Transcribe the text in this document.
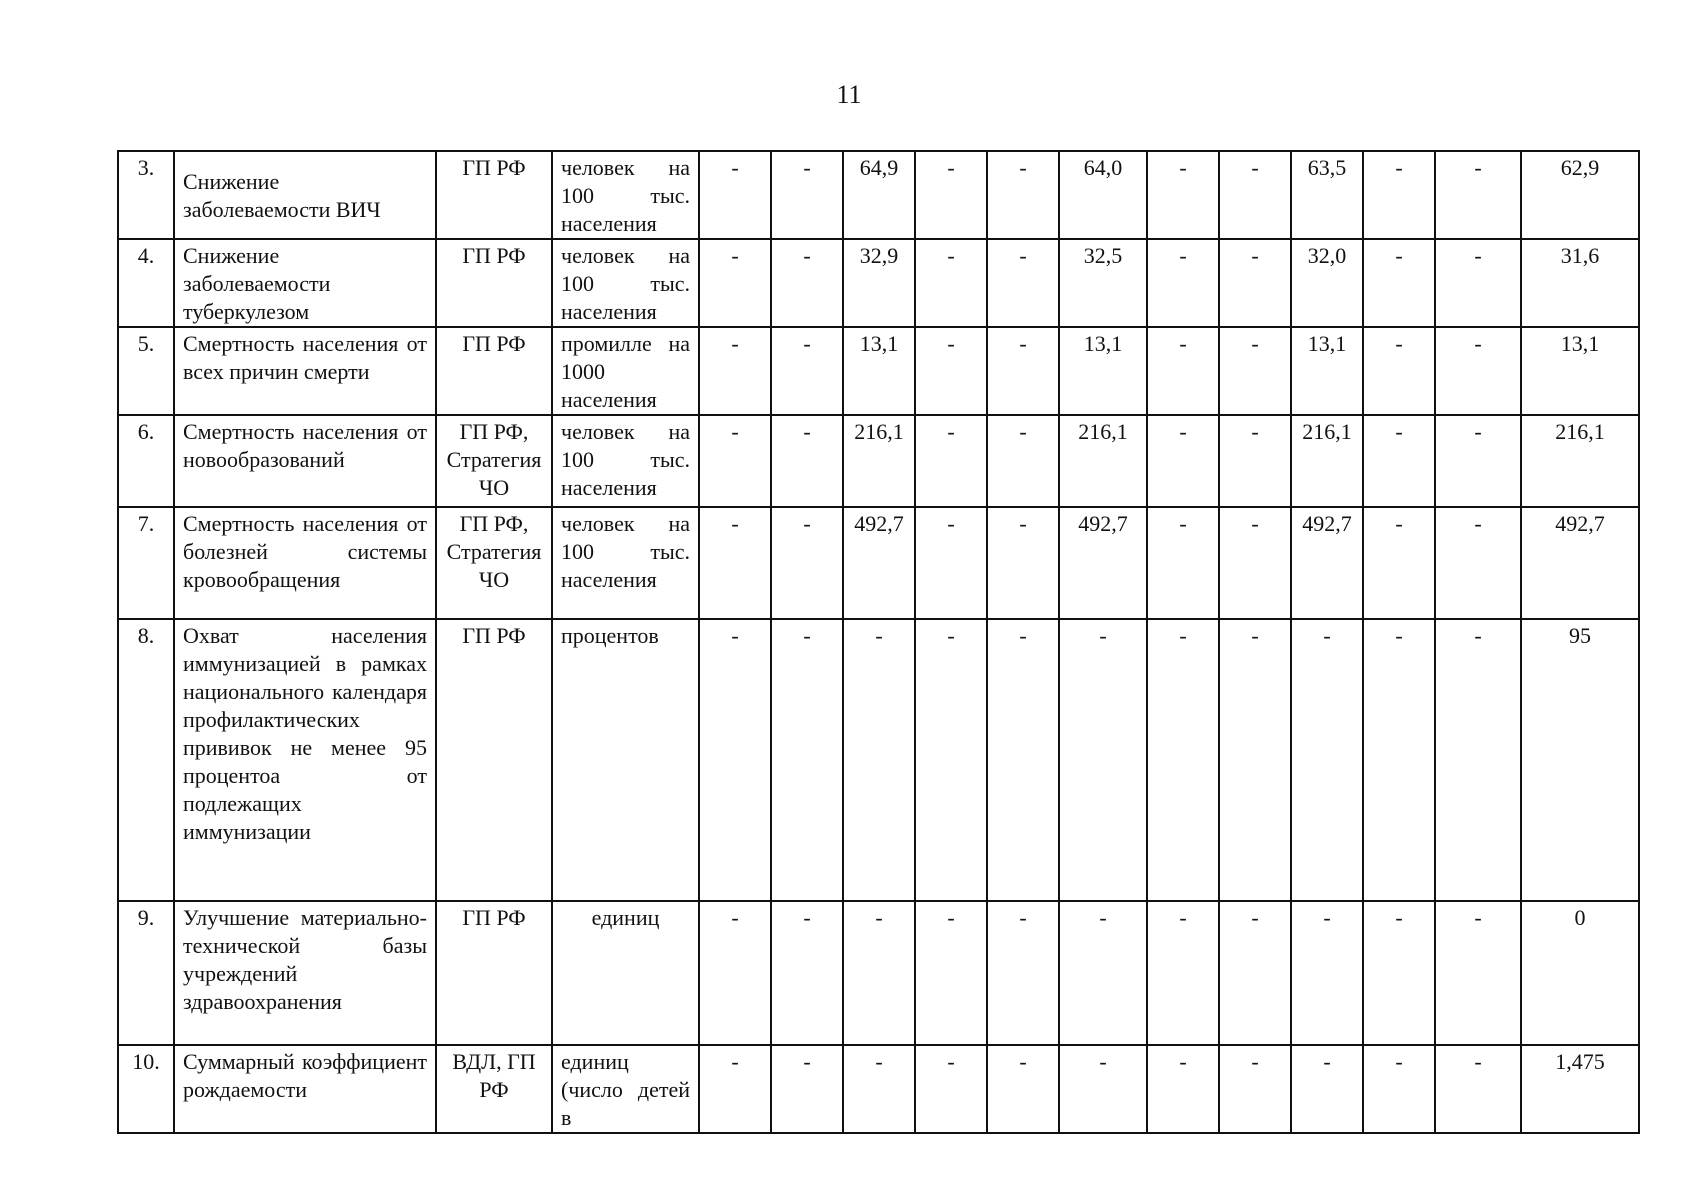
11
3.	Снижение заболеваемости ВИЧ	ГП РФ	человек на 100 тыс. населения	-	-	64,9	-	-	64,0	-	-	63,5	-	-	62,9
4.	Снижение заболеваемости туберкулезом	ГП РФ	человек на 100 тыс. населения	-	-	32,9	-	-	32,5	-	-	32,0	-	-	31,6
5.	Смертность населения от всех причин смерти	ГП РФ	промилле на 1000 населения	-	-	13,1	-	-	13,1	-	-	13,1	-	-	13,1
6.	Смертность населения от новообразований	ГП РФ, Стратегия ЧО	человек на 100 тыс. населения	-	-	216,1	-	-	216,1	-	-	216,1	-	-	216,1
7.	Смертность населения от болезней системы кровообращения	ГП РФ, Стратегия ЧО	человек на 100 тыс. населения	-	-	492,7	-	-	492,7	-	-	492,7	-	-	492,7
8.	Охват населения иммунизацией в рамках национального календаря профилактических прививок не менее 95 процентоа от подлежащих иммунизации	ГП РФ	процентов	-	-	-	-	-	-	-	-	-	-	-	95
9.	Улучшение материально-технической базы учреждений здравоохранения	ГП РФ	единиц	-	-	-	-	-	-	-	-	-	-	-	0
10.	Суммарный коэффициент рождаемости	ВДЛ, ГП РФ	единиц (число детей в	-	-	-	-	-	-	-	-	-	-	-	1,475
